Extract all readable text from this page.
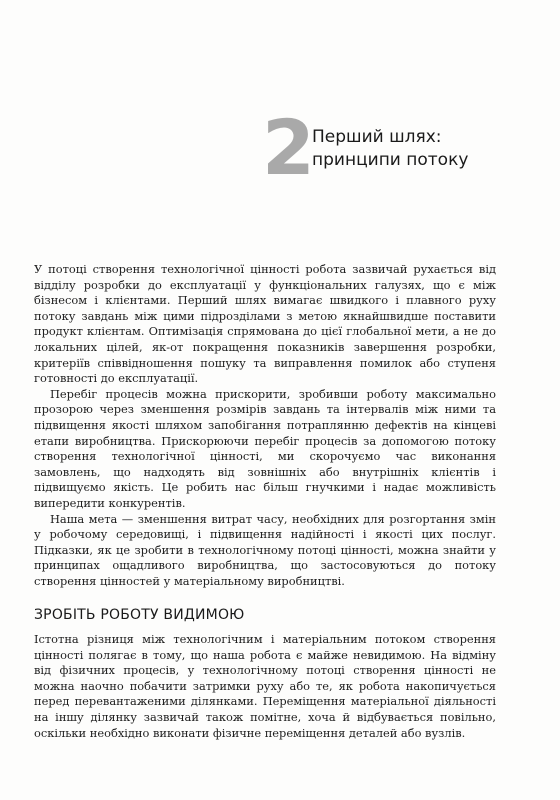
2
Перший шлях:
принципи потоку

У потоці створення технологічної цінності робота зазвичай рухається від відділу розробки до експлуатації у функціональних галузях, що є між бізнесом і клієнтами. Перший шлях вимагає швидкого і плавного руху потоку завдань між цими підрозділами з метою якнайшвидше поставити продукт клієнтам. Оптимізація спрямована до цієї глобальної мети, а не до локальних цілей, як-от покращення показників завершення розробки, критеріїв співвідношення пошуку та виправлення помилок або ступеня готовності до експлуатації.

Перебіг процесів можна прискорити, зробивши роботу максимально прозорою через зменшення розмірів завдань та інтервалів між ними та підвищення якості шляхом запобігання потраплянню дефектів на кінцеві етапи виробництва. Прискорюючи перебіг процесів за допомогою потоку створення технологічної цінності, ми скорочуємо час виконання замовлень, що надходять від зовнішніх або внутрішніх клієнтів і підвищуємо якість. Це робить нас більш гнучкими і надає можливість випередити конкурентів.

Наша мета — зменшення витрат часу, необхідних для розгортання змін у робочому середовищі, і підвищення надійності і якості цих послуг. Підказки, як це зробити в технологічному потоці цінності, можна знайти у принципах ощадливого виробництва, що застосовуються до потоку створення цінностей у матеріальному виробництві.

ЗРОБІТЬ РОБОТУ ВИДИМОЮ

Істотна різниця між технологічним і матеріальним потоком створення цінності полягає в тому, що наша робота є майже невидимою. На відміну від фізичних процесів, у технологічному потоці створення цінності не можна наочно побачити затримки руху або те, як робота накопичується перед перевантаженими ділянками. Переміщення матеріальної діяльності на іншу ділянку зазвичай також помітне, хоча й відбувається повільно, оскільки необхідно виконати фізичне переміщення деталей або вузлів.
